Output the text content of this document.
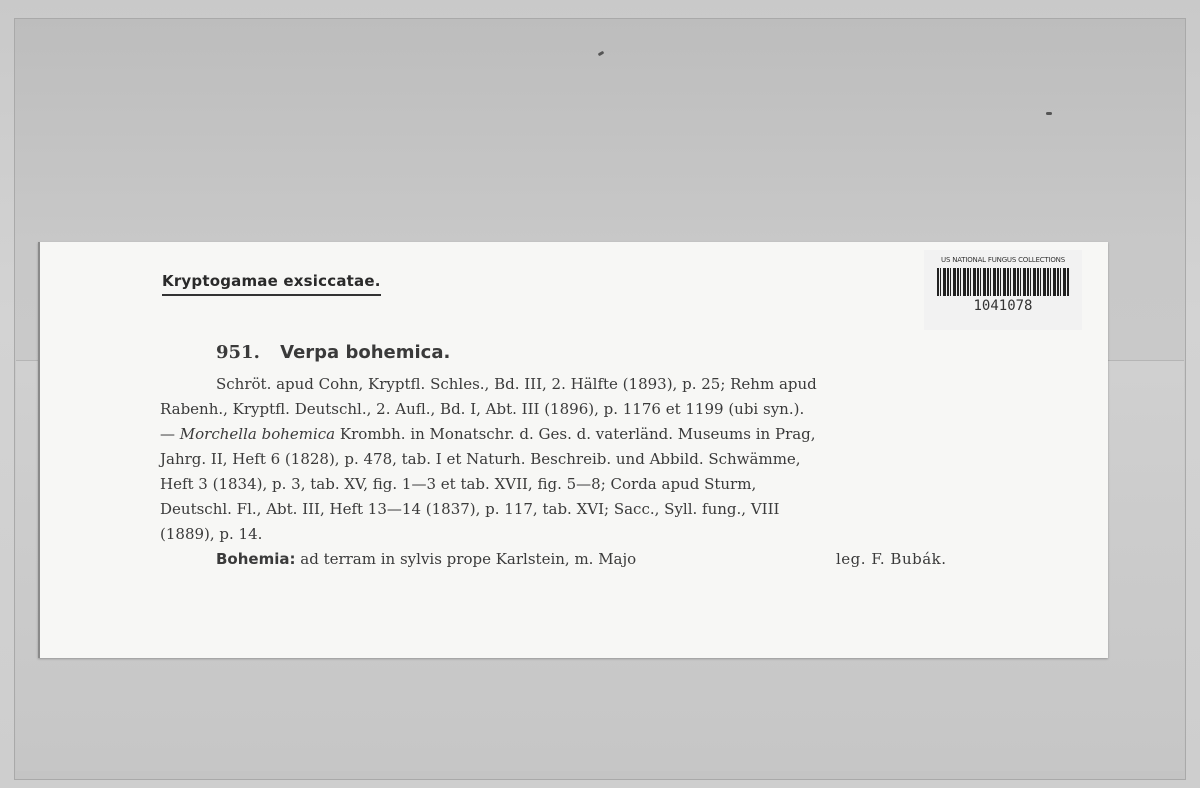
Kryptogamae exsiccatae.
US NATIONAL FUNGUS COLLECTIONS
1041078
951. Verpa bohemica.
Schröt. apud Cohn, Kryptfl. Schles., Bd. III, 2. Hälfte (1893), p. 25; Rehm apud
Rabenh., Kryptfl. Deutschl., 2. Aufl., Bd. I, Abt. III (1896), p. 1176 et 1199 (ubi syn.).
— Morchella bohemica Krombh. in Monatschr. d. Ges. d. vaterländ. Museums in Prag,
Jahrg. II, Heft 6 (1828), p. 478, tab. I et Naturh. Beschreib. und Abbild. Schwämme,
Heft 3 (1834), p. 3, tab. XV, fig. 1—3 et tab. XVII, fig. 5—8; Corda apud Sturm,
Deutschl. Fl., Abt. III, Heft 13—14 (1837), p. 117, tab. XVI; Sacc., Syll. fung., VIII
(1889), p. 14.
Bohemia: ad terram in sylvis prope Karlstein, m. Majo	leg. F. Bubák.
